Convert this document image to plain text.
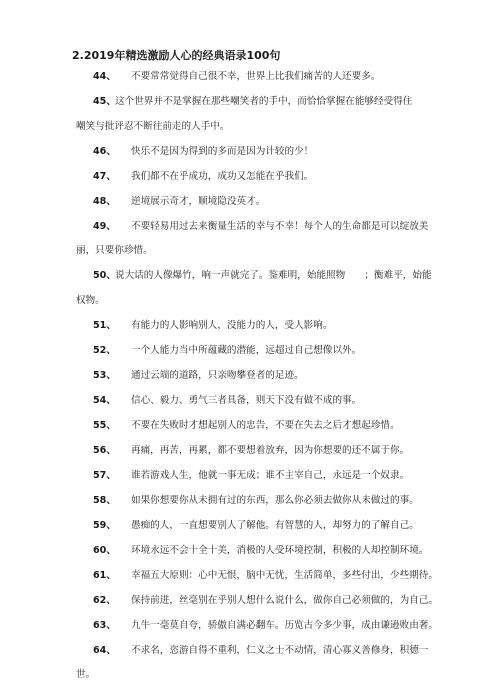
2.2019年精选激励人心的经典语录100句
44、 不要常常觉得自己很不幸，世界上比我们痛苦的人还要多。
45、 这个世界并不是掌握在那些嘲笑者的手中，而恰恰掌握在能够经受得住
嘲笑与批评忍不断往前走的人手中。
46、 快乐不是因为得到的多而是因为计较的少！
47、 我们都不在乎成功，成功又怎能在乎我们。
48、 逆境展示奇才，顺境隐没英才。
49、 不要轻易用过去来衡量生活的幸与不幸！每个人的生命都是可以绽放美
丽，只要你珍惜。
50、 说大话的人像爆竹，响一声就完了。鉴难明，始能照物　　；衡难平，始能
权物。
51、 有能力的人影响别人，没能力的人，受人影响。
52、 一个人能力当中所蕴藏的潜能，远超过自己想像以外。
53、 通过云端的道路，只亲吻攀登者的足迹。
54、 信心、毅力、勇气三者具备，则天下没有做不成的事。
55、 不要在失败时才想起别人的忠告，不要在失去之后才想起珍惜。
56、 再痛，再苦，再累，都不要想着放弃，因为你想要的还不属于你。
57、 谁若游戏人生，他就一事无成；谁不主宰自己，永远是一个奴隶。
58、 如果你想要你从未拥有过的东西，那么你必须去做你从未做过的事。
59、 愚痴的人，一直想要别人了解他。有智慧的人，却努力的了解自己。
60、 环境永远不会十全十美，消极的人受环境控制，积极的人却控制环境。
61、 幸福五大原则：心中无恨，脑中无忧，生活简单，多些付出，少些期待。
62、 保持前进，丝毫别在乎别人想什么说什么，做你自己必须做的，为自己。
63、 九牛一毫莫自夸，骄傲自满必翻车。历览古今多少事，成由谦逊败由奢。
64、 不求名，恣游自得不重利，仁义之士不动情，清心寡义善修身，积德一
世。
